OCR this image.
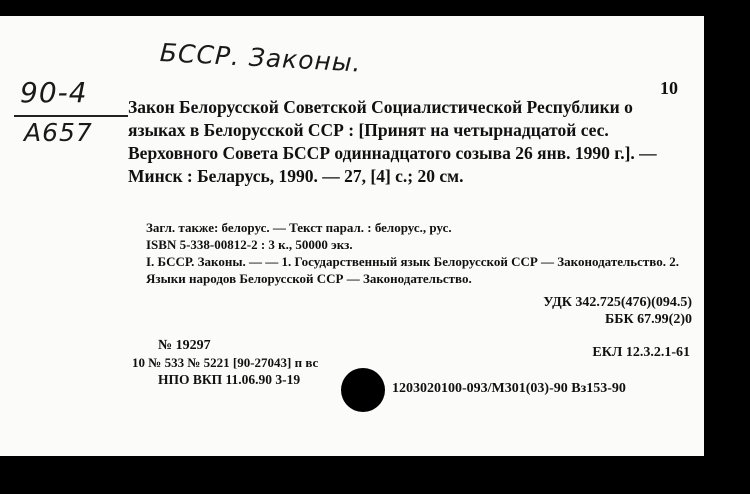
БССР. Законы.
90-4
A657
10

Закон Белорусской Советской Социалистической Республики о языках в Белорусской ССР : [Принят на четырнадцатой сес. Верховного Совета БССР одиннадцатого созыва 26 янв. 1990 г.]. — Минск : Беларусь, 1990. — 27, [4] с.; 20 см.

Загл. также: белорус. — Текст парал. : белорус., рус.

ISBN 5-338-00812-2 : 3 к., 50000 экз.

I. БССР. Законы. — — 1. Государственный язык Белорусской ССР — Законодательство. 2. Языки народов Белорусской ССР — Законодательство.

УДК 342.725(476)(094.5)
ББК 67.99(2)0
№ 19297
10 № 533 № 5221 [90-27043] п вс
НПО ВКП 11.06.90 3-19
ЕКЛ 12.3.2.1-61
1203020100-093/М301(03)-90 Вз153-90
